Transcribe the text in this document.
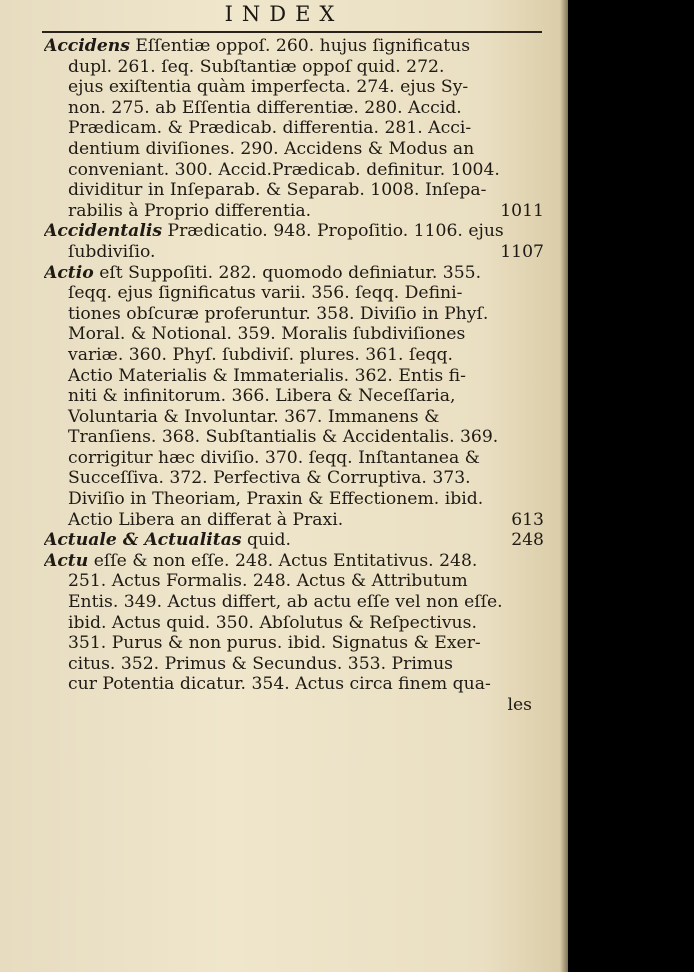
INDEX
Accidens Eſſentiæ oppoſ. 260. hujus ſignificatus
dupl. 261. ſeq. Subſtantiæ oppoſ quid. 272.
ejus exiſtentia quàm imperfecta. 274. ejus Sy-
non. 275. ab Eſſentia differentiæ. 280. Accid.
Prædicam. & Prædicab. differentia. 281. Acci-
dentium diviſiones. 290. Accidens & Modus an
conveniant. 300. Accid.Prædicab. definitur. 1004.
dividitur in Inſeparab. & Separab. 1008. Inſepa-
rabilis à Proprio differentia.	1011
Accidentalis Prædicatio. 948. Propoſitio. 1106. ejus
ſubdiviſio.	1107
Actio eſt Suppoſiti. 282. quomodo definiatur. 355.
ſeqq. ejus ſignificatus varii. 356. ſeqq. Defini-
tiones obſcuræ proferuntur. 358. Diviſio in Phyſ.
Moral. & Notional. 359. Moralis ſubdiviſiones
variæ. 360. Phyſ. ſubdiviſ. plures. 361. ſeqq.
Actio Materialis & Immaterialis. 362. Entis fi-
niti & infinitorum. 366. Libera & Neceſſaria,
Voluntaria & Involuntar. 367. Immanens &
Tranſiens. 368. Subſtantialis & Accidentalis. 369.
corrigitur hæc diviſio. 370. ſeqq. Inſtantanea &
Succeſſiva. 372. Perfectiva & Corruptiva. 373.
Diviſio in Theoriam, Praxin & Effectionem. ibid.
Actio Libera an differat à Praxi.	613
Actuale & Actualitas quid.	248
Actu eſſe & non eſſe. 248. Actus Entitativus. 248.
251. Actus Formalis. 248. Actus & Attributum
Entis. 349. Actus differt, ab actu eſſe vel non eſſe.
ibid. Actus quid. 350. Abſolutus & Reſpectivus.
351. Purus & non purus. ibid. Signatus & Exer-
citus. 352. Primus & Secundus. 353. Primus
cur Potentia dicatur. 354. Actus circa finem qua-
les
